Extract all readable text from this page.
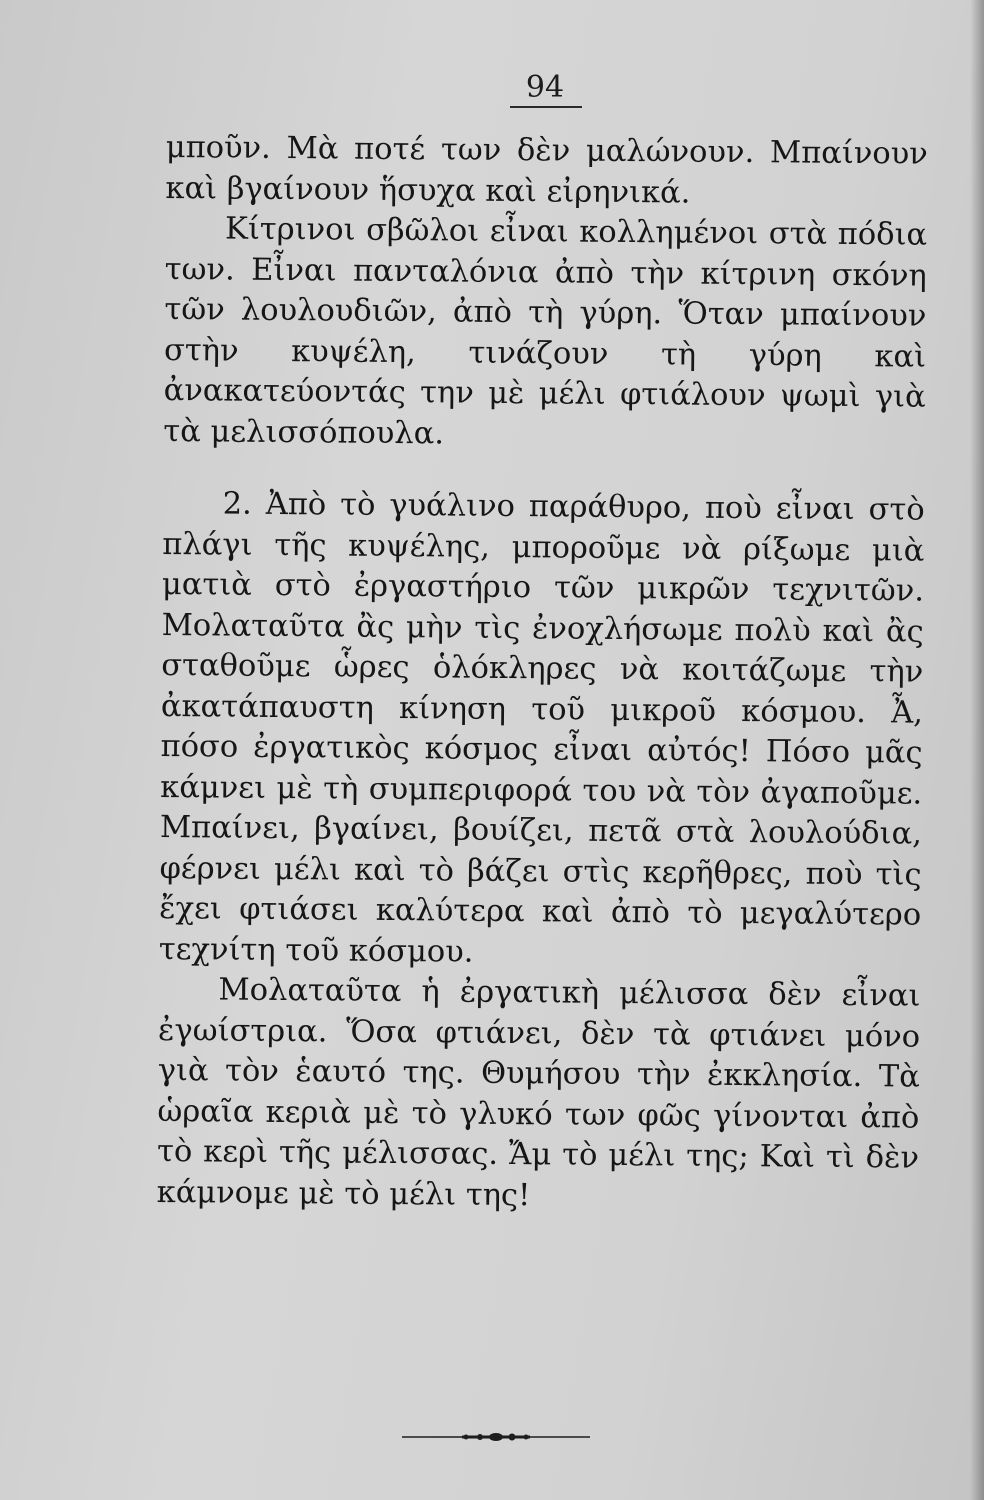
94

μποῦν. Μὰ ποτέ των δὲν μαλώνουν. Μπαίνουν καὶ βγαίνουν ἥσυχα καὶ εἰρηνικά.

Κίτρινοι σβῶλοι εἶναι κολλημένοι στὰ πόδια των. Εἶναι πανταλόνια ἀπὸ τὴν κίτρινη σκόνη τῶν λουλουδιῶν, ἀπὸ τὴ γύρη. Ὅταν μπαίνουν στὴν κυψέλη, τινάζουν τὴ γύρη καὶ ἀνακατεύοντάς την μὲ μέλι φτιάλουν ψωμὶ γιὰ τὰ μελισσόπουλα.

2. Ἀπὸ τὸ γυάλινο παράθυρο, ποὺ εἶναι στὸ πλάγι τῆς κυψέλης, μποροῦμε νὰ ρίξωμε μιὰ ματιὰ στὸ ἐργαστήριο τῶν μικρῶν τεχνιτῶν. Μολαταῦτα ἂς μὴν τὶς ἐνοχλήσωμε πολὺ καὶ ἂς σταθοῦμε ὧρες ὁλόκληρες νὰ κοιτάζωμε τὴν ἀκατάπαυστη κίνηση τοῦ μικροῦ κόσμου. Ἆ, πόσο ἐργατικὸς κόσμος εἶναι αὐτός! Πόσο μᾶς κάμνει μὲ τὴ συμπεριφορά του νὰ τὸν ἀγαποῦμε. Μπαίνει, βγαίνει, βουίζει, πετᾶ στὰ λουλούδια, φέρνει μέλι καὶ τὸ βάζει στὶς κερῆθρες, ποὺ τὶς ἔχει φτιάσει καλύτερα καὶ ἀπὸ τὸ μεγαλύτερο τεχνίτη τοῦ κόσμου.

Μολαταῦτα ἡ ἐργατικὴ μέλισσα δὲν εἶναι ἐγωίστρια. Ὅσα φτιάνει, δὲν τὰ φτιάνει μόνο γιὰ τὸν ἑαυτό της. Θυμήσου τὴν ἐκκλησία. Τὰ ὡραῖα κεριὰ μὲ τὸ γλυκό των φῶς γίνονται ἀπὸ τὸ κερὶ τῆς μέλισσας. Ἄμ τὸ μέλι της; Καὶ τὶ δὲν κάμνομε μὲ τὸ μέλι της!
